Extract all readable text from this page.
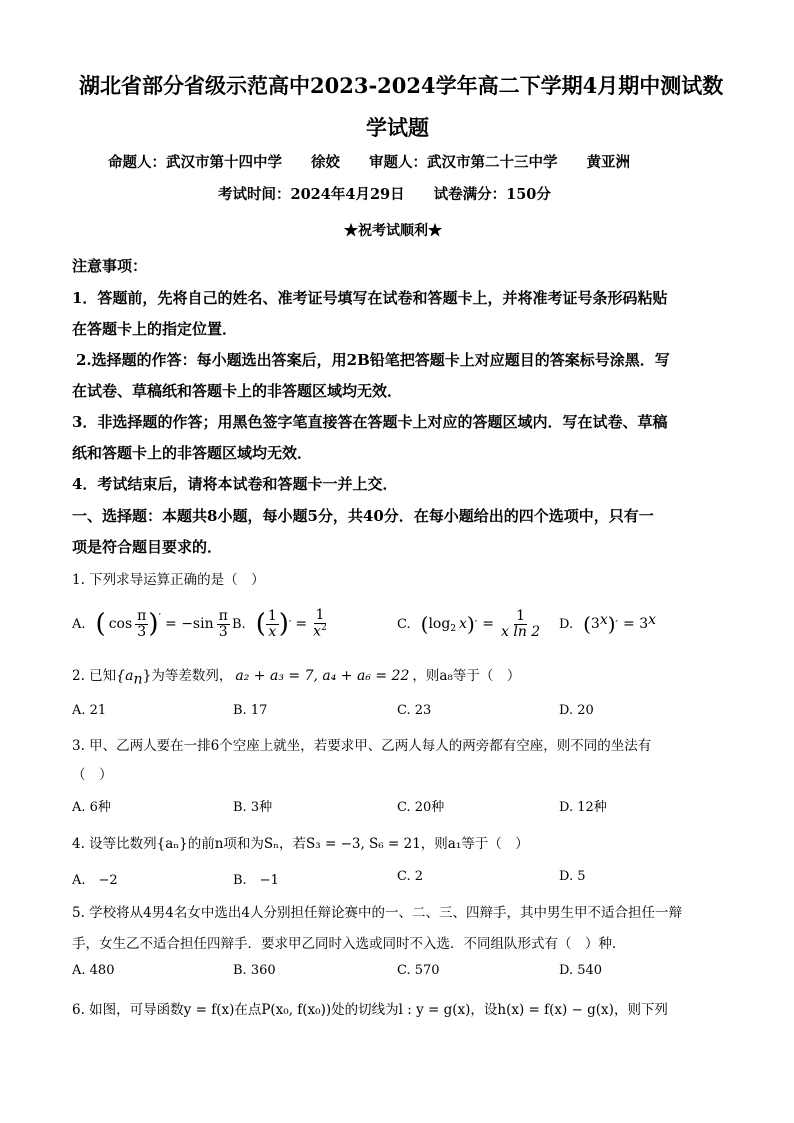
湖北省部分省级示范高中2023-2024学年高二下学期4月期中测试数
学试题
命题人：武汉市第十四中学　　徐姣　　审题人：武汉市第二十三中学　　黄亚洲
考试时间：2024年4月29日　　试卷满分：150分
★祝考试顺利★
注意事项：
1．答题前，先将自己的姓名、准考证号填写在试卷和答题卡上，并将准考证号条形码粘贴
在答题卡上的指定位置．
2.选择题的作答：每小题选出答案后，用2B铅笔把答题卡上对应题目的答案标号涂黑．写
在试卷、草稿纸和答题卡上的非答题区域均无效．
3．非选择题的作答；用黑色签字笔直接答在答题卡上对应的答题区域内．写在试卷、草稿
纸和答题卡上的非答题区域均无效．
4．考试结束后，请将本试卷和答题卡一并上交．
一、选择题：本题共8小题，每小题5分，共40分．在每小题给出的四个选项中，只有一
项是符合题目要求的．
1. 下列求导运算正确的是（　）
A. ( $\cos \frac{\pi}{3}$ ) ′ = $-\sin \frac{\pi}{3} B$. ( $\frac{1}{x}$ ) ′ = $\frac{1}{x^2}$	C. ( $\log_2 x$ ) ′ = $\frac{1}{\text{x ln 2}} D$. ( 3 x ) ′ = 3 x
2. 已知$\{a_n\}$为等差数列， a₂ + a₃ = 7, a₄ + a₆ = 22 ，则a₈等于（　）
A. 21	B. 17	C. 23	D. 20
3. 甲、乙两人要在一排6个空座上就坐，若要求甲、乙两人每人的两旁都有空座，则不同的坐法有
（　）
A. 6种	B. 3种	C. 20种	D. 12种
4. 设等比数列{aₙ}的前n项和为Sₙ，若S₃ = −3, S₆ = 21，则a₁等于（　）
A.　−2	B.　−1	C. 2	D. 5
5. 学校将从4男4名女中选出4人分别担任辩论赛中的一、二、三、四辩手，其中男生甲不适合担任一辩
手，女生乙不适合担任四辩手．要求甲乙同时入选或同时不入选．不同组队形式有（　）种．
A. 480	B. 360	C. 570	D. 540
6. 如图，可导函数y = f(x)在点P(x₀, f(x₀))处的切线为l : y = g(x)，设h(x) = f(x) − g(x)，则下列
